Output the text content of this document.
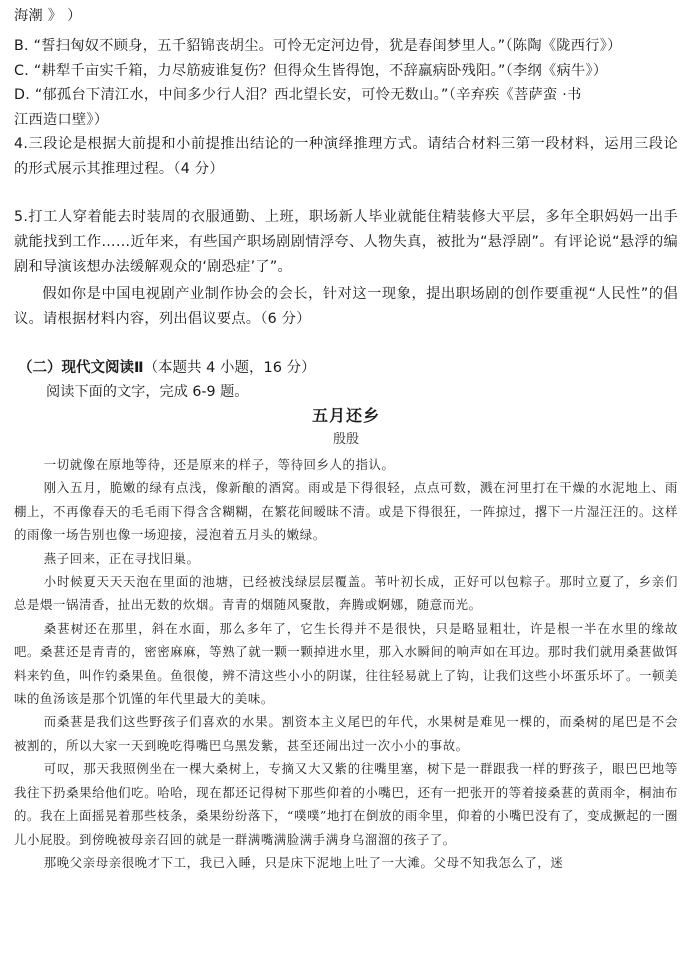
海潮 》 ）
B. “誓扫匈奴不顾身，五千貂锦丧胡尘。可怜无定河边骨，犹是春闺梦里人。”（陈陶《陇西行》）
C. “耕犁千亩实千箱，力尽筋疲谁复伤？但得众生皆得饱，不辞羸病卧残阳。”（李纲《病牛》）
D. “郁孤台下清江水，中间多少行人泪？西北望长安，可怜无数山。”（辛弃疾《菩萨蛮 ·书
江西造口壁》）
4.三段论是根据大前提和小前提推出结论的一种演绎推理方式。请结合材料三第一段材料，运用三段论的形式展示其推理过程。（4 分）
5.打工人穿着能去时装周的衣服通勤、上班，职场新人毕业就能住精装修大平层，多年全职妈妈一出手就能找到工作……近年来，有些国产职场剧剧情浮夸、人物失真，被批为“悬浮剧”。有评论说“悬浮的编剧和导演该想办法缓解观众的‘剧恐症’了”。
假如你是中国电视剧产业制作协会的会长，针对这一现象，提出职场剧的创作要重视“人民性”的倡议。请根据材料内容，列出倡议要点。（6 分）
（二）现代文阅读Ⅱ（本题共 4 小题，16 分）
阅读下面的文字，完成 6-9 题。
五月还乡
殷殷

一切就像在原地等待，还是原来的样子，等待回乡人的指认。

刚入五月，脆嫩的绿有点浅，像新酿的酒窝。雨或是下得很轻，点点可数，溅在河里打在干燥的水泥地上、雨棚上，不再像春天的毛毛雨下得含含糊糊，在繁花间暧昧不清。或是下得很狂，一阵掠过，撂下一片湿汪汪的。这样的雨像一场告别也像一场迎接，浸泡着五月头的嫩绿。

燕子回来，正在寻找旧巢。

小时候夏天天天泡在里面的池塘，已经被浅绿层层覆盖。苇叶初长成，正好可以包粽子。那时立夏了，乡亲们总是煨一锅清香，扯出无数的炊烟。青青的烟随风聚散，奔腾或婀娜，随意而光。

桑葚树还在那里，斜在水面，那么多年了，它生长得并不是很快，只是略显粗壮，许是根一半在水里的缘故吧。桑葚还是青青的，密密麻麻，等熟了就一颗一颗掉进水里，那入水瞬间的响声如在耳边。那时我们就用桑葚做饵料来钓鱼，叫作钓桑果鱼。鱼很傻，辨不清这些小小的阴谋，往往轻易就上了钩，让我们这些小坏蛋乐坏了。一顿美味的鱼汤该是那个饥馑的年代里最大的美味。

而桑葚是我们这些野孩子们喜欢的水果。割资本主义尾巴的年代，水果树是难见一棵的，而桑树的尾巴是不会被割的，所以大家一天到晚吃得嘴巴乌黑发紫，甚至还闹出过一次小小的事故。

可叹，那天我照例坐在一棵大桑树上，专摘又大又紫的往嘴里塞，树下是一群跟我一样的野孩子，眼巴巴地等我往下扔桑果给他们吃。哈哈，现在都还记得树下那些仰着的小嘴巴，还有一把张开的等着接桑葚的黄雨伞，桐油布的。我在上面摇晃着那些枝条，桑果纷纷落下，“噗噗”地打在倒放的雨伞里，仰着的小嘴巴没有了，变成撅起的一圈儿小屁股。到傍晚被母亲召回的就是一群满嘴满脸满手满身乌溜溜的孩子了。

那晚父亲母亲很晚才下工，我已入睡，只是床下泥地上吐了一大滩。父母不知我怎么了，迷
